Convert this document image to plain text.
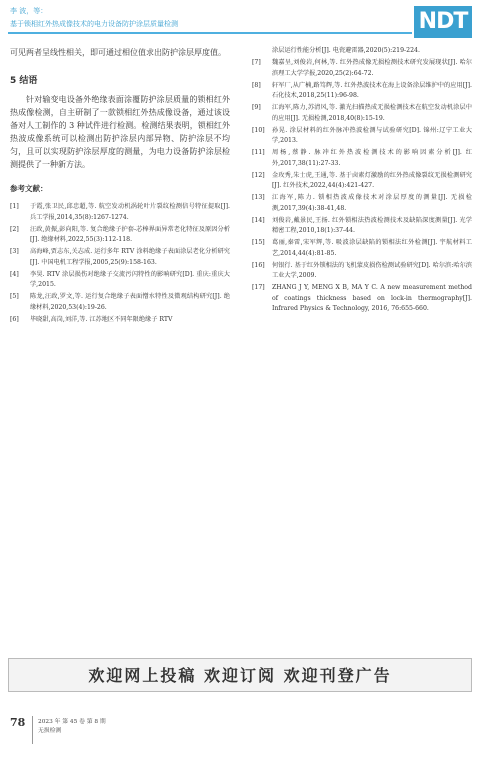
李 波，等：
基于锁相红外热成像技术的电力设备防护涂层质量检测	NDT

可见两者呈线性相关，即可通过相位值求出防护涂层厚度值。

5 结语

针对输变电设备外绝缘表面涂覆防护涂层质量的锁相红外热成像检测，自主研制了一款锁相红外热成像设备，通过该设备对人工制作的 3 种试件进行检测。检测结果表明，锁相红外热波成像系统可以检测出防护涂层内部异物、防护涂层不均匀，且可以实现防护涂层厚度的测量，为电力设备防护涂层检测提供了一种新方法。

参考文献：
[1]	于霞,张卫民,邱忠超,等. 航空发动机涡轮叶片裂纹检测信号特征提取[J]. 兵工学报,2014,35(8):1267-1274.
[2]	汪政,黄振,彭向阳,等. 复合绝缘子护套-芯棒界面异常老化特征及原因分析[J]. 绝缘材料,2022,55(3):112-118.
[3]	高海峰,贾志东,关志成. 运行多年 RTV 涂料绝缘子表面涂层老化分析研究[J]. 中国电机工程学报,2005,25(9):158-163.
[4]	李昊. RTV 涂层损伤对绝缘子交流污闪特性的影响研究[D]. 重庆:重庆大学,2015.
[5]	陈龙,汪政,罗文,等. 运行复合绝缘子表面憎水特性及微观结构研究[J]. 绝缘材料,2020,53(4):19-26.
[6]	毕晓甜,高岗,刘洋,等. 江苏地区不同年限绝缘子 RTV
涂层运行性能分析[J]. 电瓷避雷器,2020(5):219-224.
[7]	魏嘉呈,刘俊岩,何林,等. 红外热成像无损检测技术研究发展现状[J]. 哈尔滨理工大学学报,2020,25(2):64-72.
[8]	轩军厂,从广楠,路笃辉,等. 红外热波技术在海上设备涂层维护中的应用[J]. 石化技术,2018,25(11):96-98.
[9]	江海军,陈力,苏清风,等. 激光扫描热成无损检测技术在航空发动机涂层中的应用[J]. 无损检测,2018,40(8):15-19.
[10]	孙晃. 涂层材料的红外脉冲热波检测与试验研究[D]. 锦州:辽宁工业大学,2013.
[11]	周杨,蔡静. 脉冲红外热波检测技术的影响因素分析[J]. 红外,2017,38(11):27-33.
[12]	金玫秀,朱士虎,王通,等. 基于卤素灯激励的红外热成像裂纹无损检测研究[J]. 红外技术,2022,44(4):421-427.
[13]	江海军,陈力. 锁相热波成像技术对涂层厚度的测量[J]. 无损检测,2017,39(4):38-41,48.
[14]	刘俊岩,戴景民,王扬. 红外锁相法热波检测技术及缺陷深度测量[J]. 光学 精密工程,2010,18(1):37-44.
[15]	葛丽,秦雷,宋军辉,等. 吸波涂层缺陷的锁相法红外检测[J]. 宇航材料工艺,2014,44(4):81-85.
[16]	何银行. 基于红外锁相法的飞机蒙皮损伤检测试验研究[D]. 哈尔滨:哈尔滨工业大学,2009.
[17]	ZHANG J Y, MENG X B, MA Y C. A new measurement method of coatings thickness based on lock-in thermography[J]. Infrared Physics & Technology, 2016, 76:655-660.
欢迎网上投稿 欢迎订阅 欢迎刊登广告
78 2023 年 第 45 卷 第 8 期
无损检测
